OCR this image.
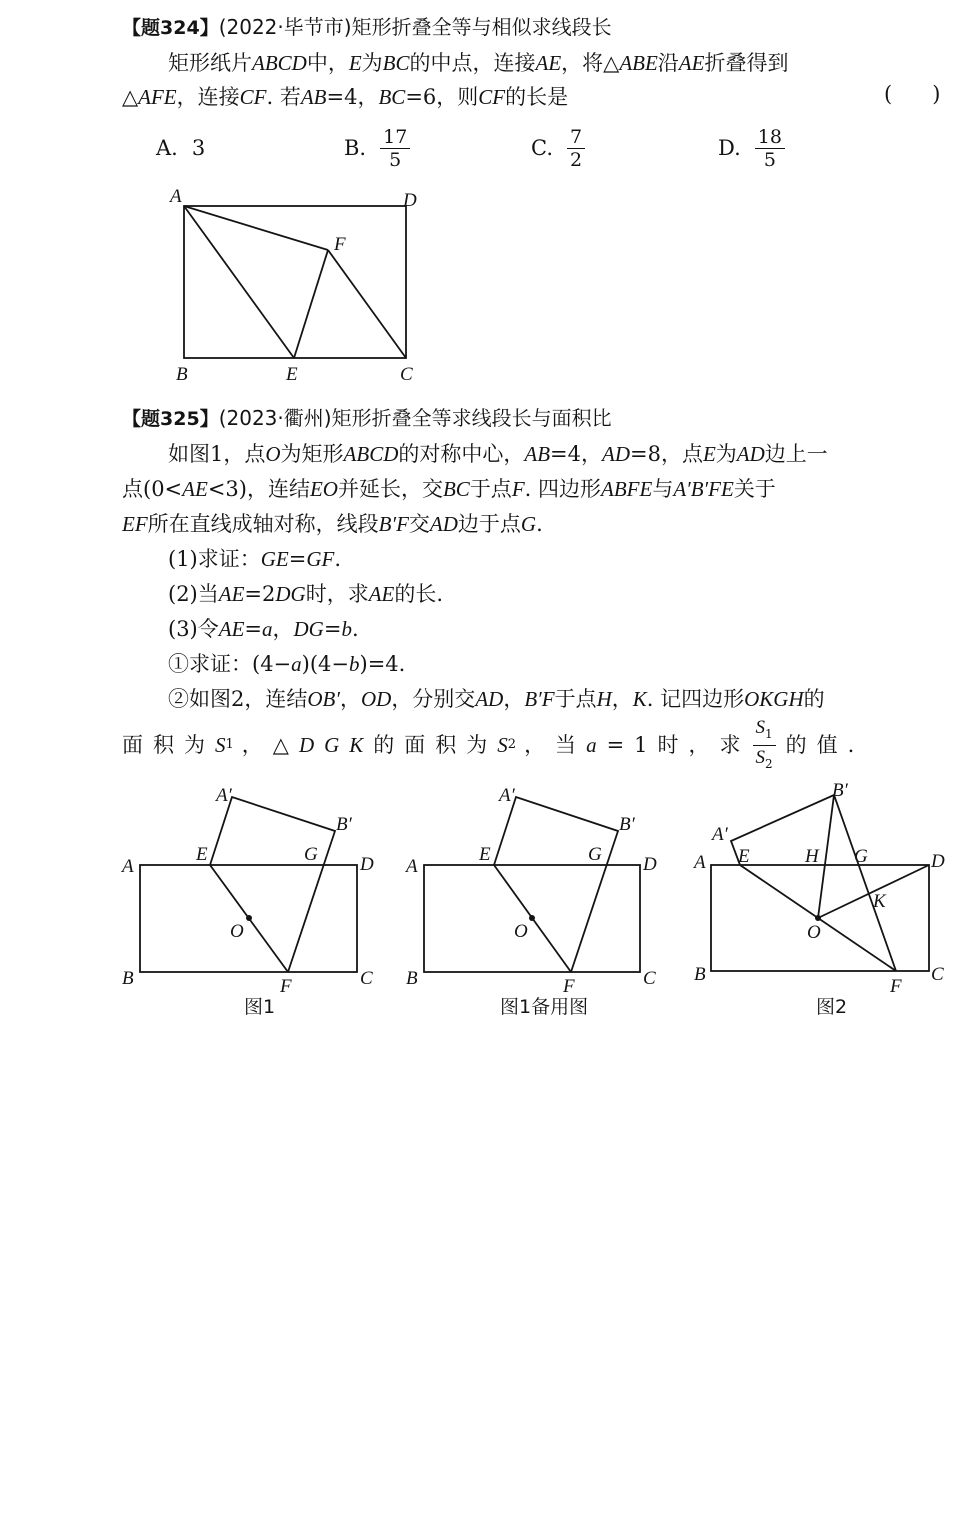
【题324】(2022·毕节市)矩形折叠全等与相似求线段长
矩形纸片ABCD中，E为BC的中点，连接AE，将△ABE沿AE折叠得到
△AFE，连接CF. 若AB=4，BC=6，则CF的长是	(      )
A. 3	B. $\frac{17}{5}$	C. $\frac{7}{2}$	D. $\frac{18}{5}$
A	D
F
B	E	C
【题325】(2023·衢州)矩形折叠全等求线段长与面积比
如图1，点O为矩形ABCD的对称中心，AB=4，AD=8，点E为AD边上一
点(0<AE<3)，连结EO并延长，交BC于点F. 四边形ABFE与A′B′FE关于
EF所在直线成轴对称，线段B′F交AD边于点G.
(1)求证：GE=GF.
(2)当AE=2DG时，求AE的长.
(3)令AE=a，DG=b.
①求证：(4−a)(4−b)=4.
②如图2，连结OB′，OD，分别交AD，B′F于点H，K. 记四边形OKGH的
面积为 S 1 ，△ DGK 的面积为 S 2 ，当 a =1时，求 $\frac{S_1}{S_2}$ 的值.
A
A′
B′
E	G D
O
B	F	C
A
A′
B′
E	G D
O
B	F	C
A
A′
B′
E	H G	D
K
O
B
F
C
图1	图1备用图	图2
